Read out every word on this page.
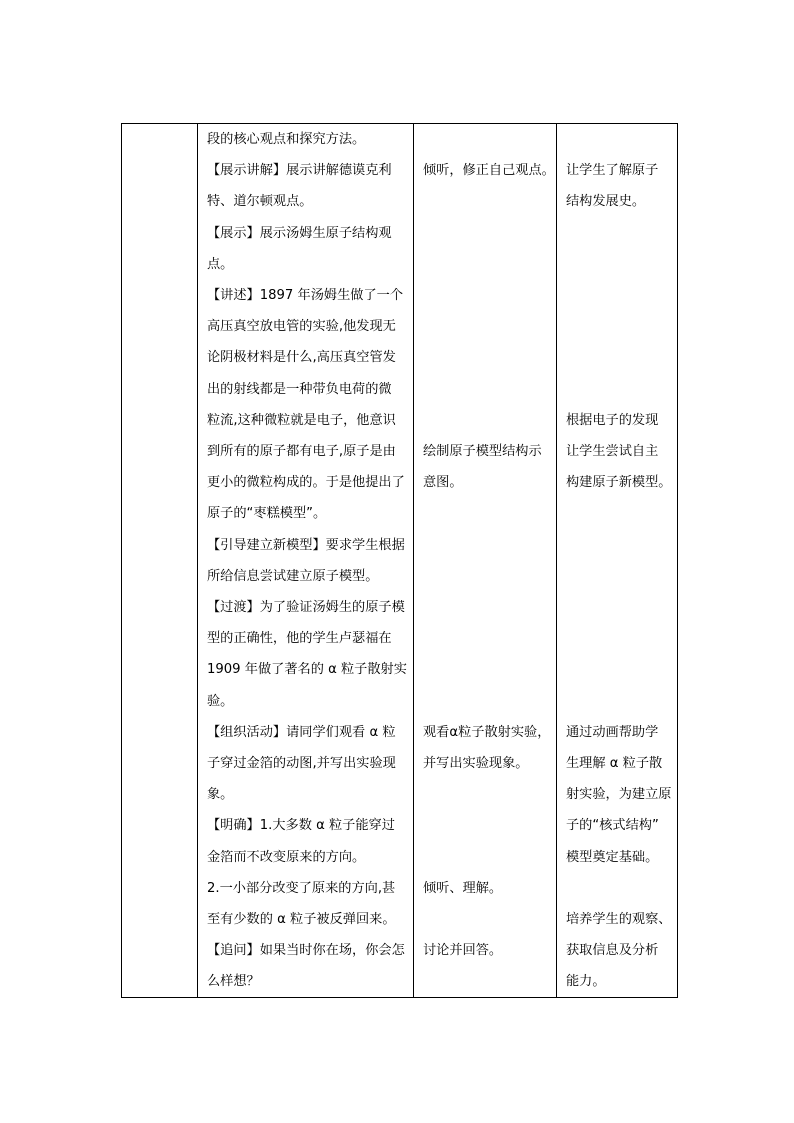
段的核心观点和探究方法。
【展示讲解】展示讲解德谟克利
特、道尔顿观点。
【展示】展示汤姆生原子结构观
点。
【讲述】1897 年汤姆生做了一个
高压真空放电管的实验,他发现无
论阴极材料是什么,高压真空管发
出的射线都是一种带负电荷的微
粒流,这种微粒就是电子，他意识
到所有的原子都有电子,原子是由
更小的微粒构成的。于是他提出了
原子的“枣糕模型”。
【引导建立新模型】要求学生根据
所给信息尝试建立原子模型。
【过渡】为了验证汤姆生的原子模
型的正确性，他的学生卢瑟福在
1909 年做了著名的 α 粒子散射实
验。
【组织活动】请同学们观看 α 粒
子穿过金箔的动图,并写出实验现
象。
【明确】1.大多数 α 粒子能穿过
金箔而不改变原来的方向。
2.一小部分改变了原来的方向,甚
至有少数的 α 粒子被反弹回来。
【追问】如果当时你在场，你会怎
么样想？
倾听，修正自己观点。
绘制原子模型结构示
意图。
观看α粒子散射实验，
并写出实验现象。
倾听、理解。
讨论并回答。
让学生了解原子
结构发展史。
根据电子的发现
让学生尝试自主
构建原子新模型。
通过动画帮助学
生理解 α 粒子散
射实验，为建立原
子的“核式结构”
模型奠定基础。
培养学生的观察、
获取信息及分析
能力。
